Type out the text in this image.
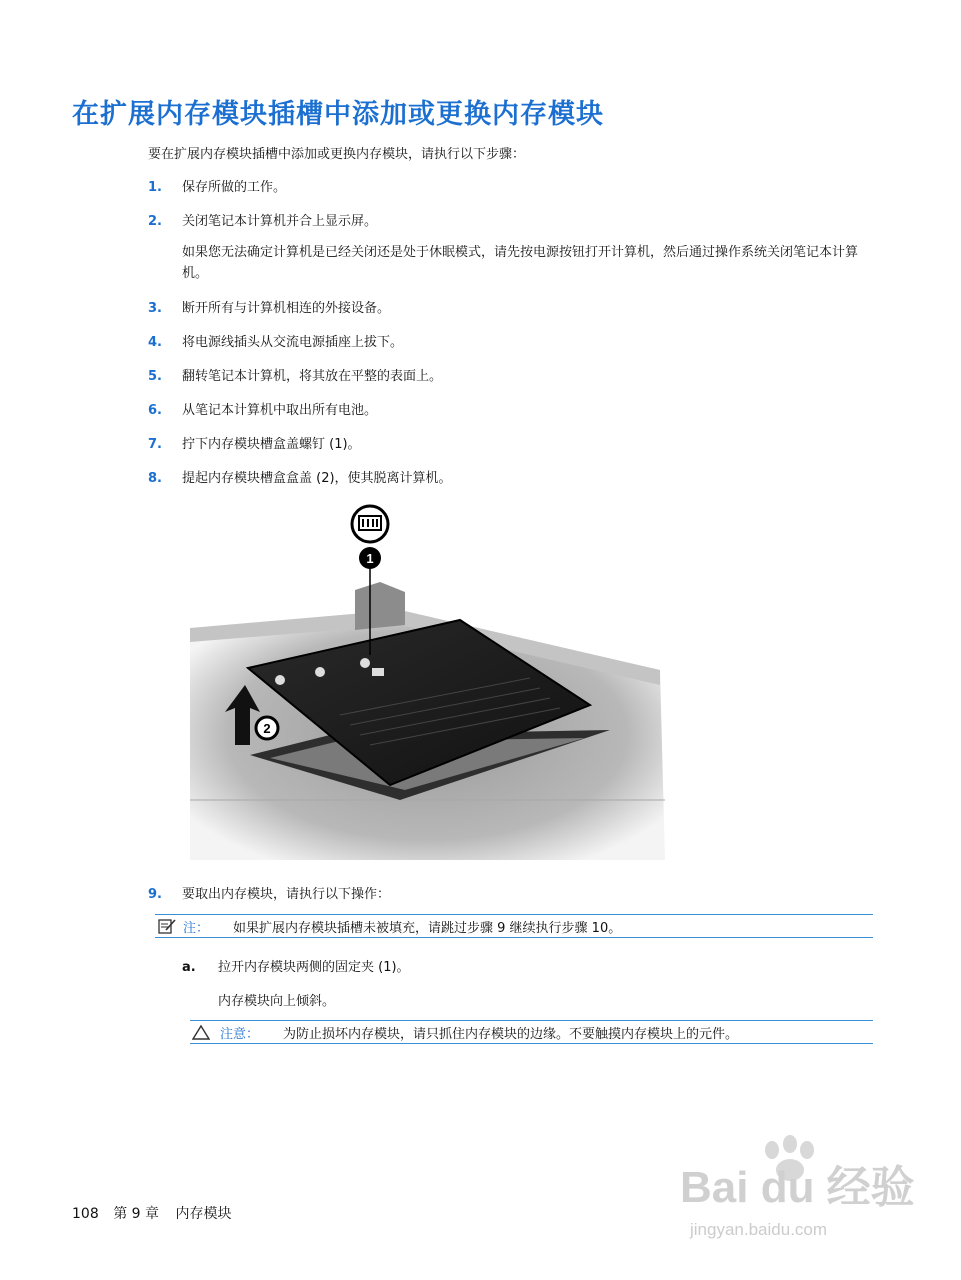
在扩展内存模块插槽中添加或更换内存模块
要在扩展内存模块插槽中添加或更换内存模块，请执行以下步骤：
1. 保存所做的工作。
2. 关闭笔记本计算机并合上显示屏。
如果您无法确定计算机是已经关闭还是处于休眠模式，请先按电源按钮打开计算机，然后通过操作系统关闭笔记本计算机。
3. 断开所有与计算机相连的外接设备。
4. 将电源线插头从交流电源插座上拔下。
5. 翻转笔记本计算机，将其放在平整的表面上。
6. 从笔记本计算机中取出所有电池。
7. 拧下内存模块槽盒盖螺钉 (1)。
8. 提起内存模块槽盒盒盖 (2)，使其脱离计算机。
1
2
9. 要取出内存模块，请执行以下操作：
注： 如果扩展内存模块插槽未被填充，请跳过步骤 9 继续执行步骤 10。
a. 拉开内存模块两侧的固定夹 (1)。
内存模块向上倾斜。
注意： 为防止损坏内存模块，请只抓住内存模块的边缘。不要触摸内存模块上的元件。
108 第 9 章 内存模块
Bai du 经验
jingyan.baidu.com
